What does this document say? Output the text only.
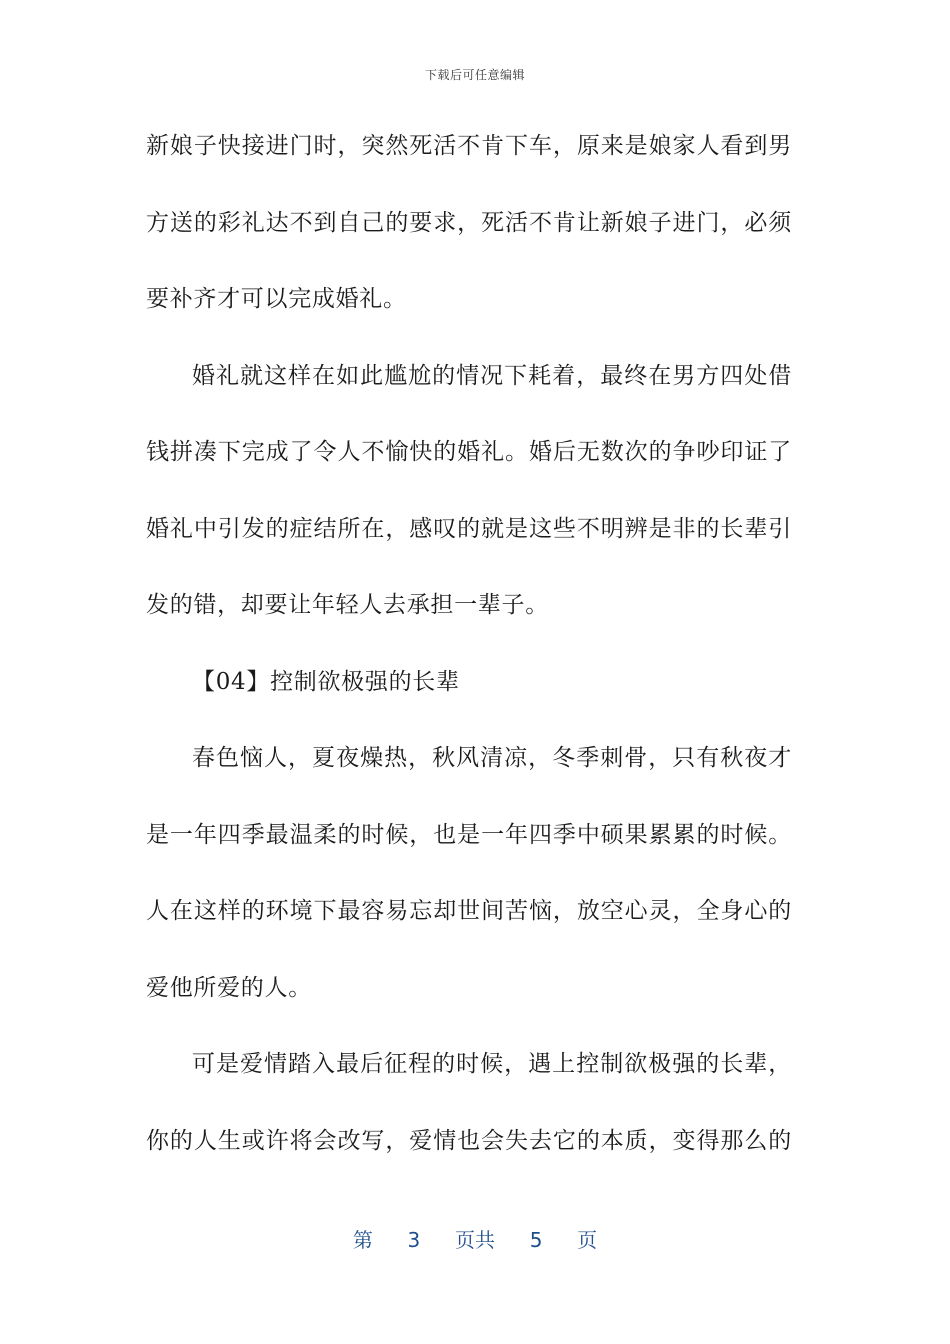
下载后可任意编辑
新娘子快接进门时，突然死活不肯下车，原来是娘家人看到男
方送的彩礼达不到自己的要求，死活不肯让新娘子进门，必须
要补齐才可以完成婚礼。
婚礼就这样在如此尴尬的情况下耗着，最终在男方四处借
钱拼凑下完成了令人不愉快的婚礼。婚后无数次的争吵印证了
婚礼中引发的症结所在，感叹的就是这些不明辨是非的长辈引
发的错，却要让年轻人去承担一辈子。
【04】控制欲极强的长辈
春色恼人，夏夜燥热，秋风清凉，冬季刺骨，只有秋夜才
是一年四季最温柔的时候，也是一年四季中硕果累累的时候。
人在这样的环境下最容易忘却世间苦恼，放空心灵，全身心的
爱他所爱的人。
可是爱情踏入最后征程的时候，遇上控制欲极强的长辈，
你的人生或许将会改写，爱情也会失去它的本质，变得那么的
第 3 页共 5 页
